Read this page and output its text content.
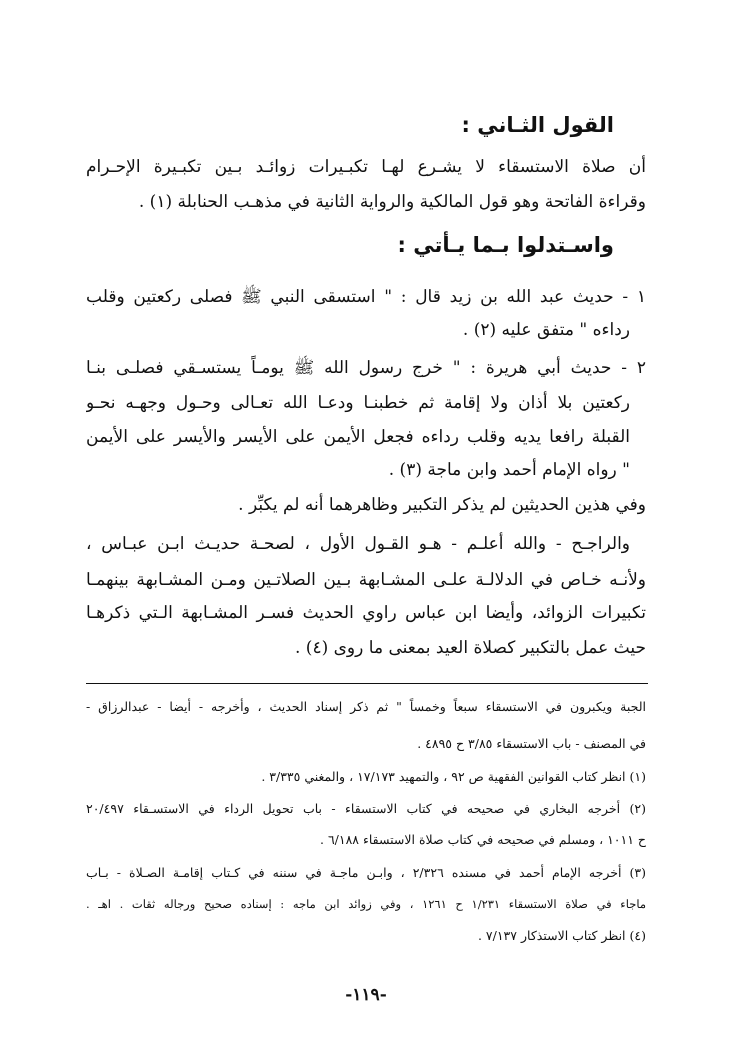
القول الثـاني :
أن صلاة الاستسقاء لا يشـرع لهـا تكبـيرات زوائـد بـين تكبـيرة الإحـرام
وقراءة الفاتحة وهو قول المالكية والرواية الثانية في مذهـب الحنابلة (١) .
واسـتدلوا بـما يـأتي :
١ - حديث عبد الله بن زيد قال : " استسقى النبي ﷺ فصلى ركعتين وقلب
رداءه " متفق عليه (٢) .
٢ - حديث أبي هريرة : " خرج رسول الله ﷺ يومـاً يستسـقي فصلـى بنـا
ركعتين بلا أذان ولا إقامة ثم خطبنـا ودعـا الله تعـالى وحـول وجهـه نحـو
القبلة رافعا يديه وقلب رداءه فجعل الأيمن على الأيسر والأيسر على الأيمن
" رواه الإمام أحمد وابن ماجة (٣) .
وفي هذين الحديثين لم يذكر التكبير وظاهرهما أنه لم يكبِّر .
والراجـح - والله أعلـم - هـو القـول الأول ، لصحـة حديـث ابـن عبـاس ،
ولأنـه خـاص في الدلالـة علـى المشـابهة بـين الصلاتـين ومـن المشـابهة بينهمـا
تكبيرات الزوائد، وأيضا ابن عباس راوي الحديث فسـر المشـابهة الـتي ذكرهـا
حيث عمل بالتكبير كصلاة العيد بمعنى ما روى (٤) .
الجبة ويكبرون في الاستسقاء سبعاً وخمساً " ثم ذكر إسناد الحديث ، وأخرجه - أيضا - عبدالرزاق -
في المصنف - باب الاستسقاء ٣/٨٥ ح ٤٨٩٥ .
(١) انظر كتاب القوانين الفقهية ص ٩٢ ، والتمهيد ١٧/١٧٣ ، والمغني ٣/٣٣٥ .
(٢) أخرجه البخاري في صحيحه في كتاب الاستسقاء - باب تحويل الرداء في الاستسـقاء ٢٠/٤٩٧
ح ١٠١١ ، ومسلم في صحيحه في كتاب صلاة الاستسقاء ٦/١٨٨ .
(٣) أخرجه الإمام أحمد في مسنده ٢/٣٢٦ ، وابـن ماجـة في سننه في كـتاب إقامـة الصـلاة - بـاب
ماجاء في صلاة الاستسقاء ١/٢٣١ ح ١٢٦١ ، وفي زوائد ابن ماجه : إسناده صحيح ورجاله ثقات . اهـ .
(٤) انظر كتاب الاستذكار ٧/١٣٧ .
-١١٩-
